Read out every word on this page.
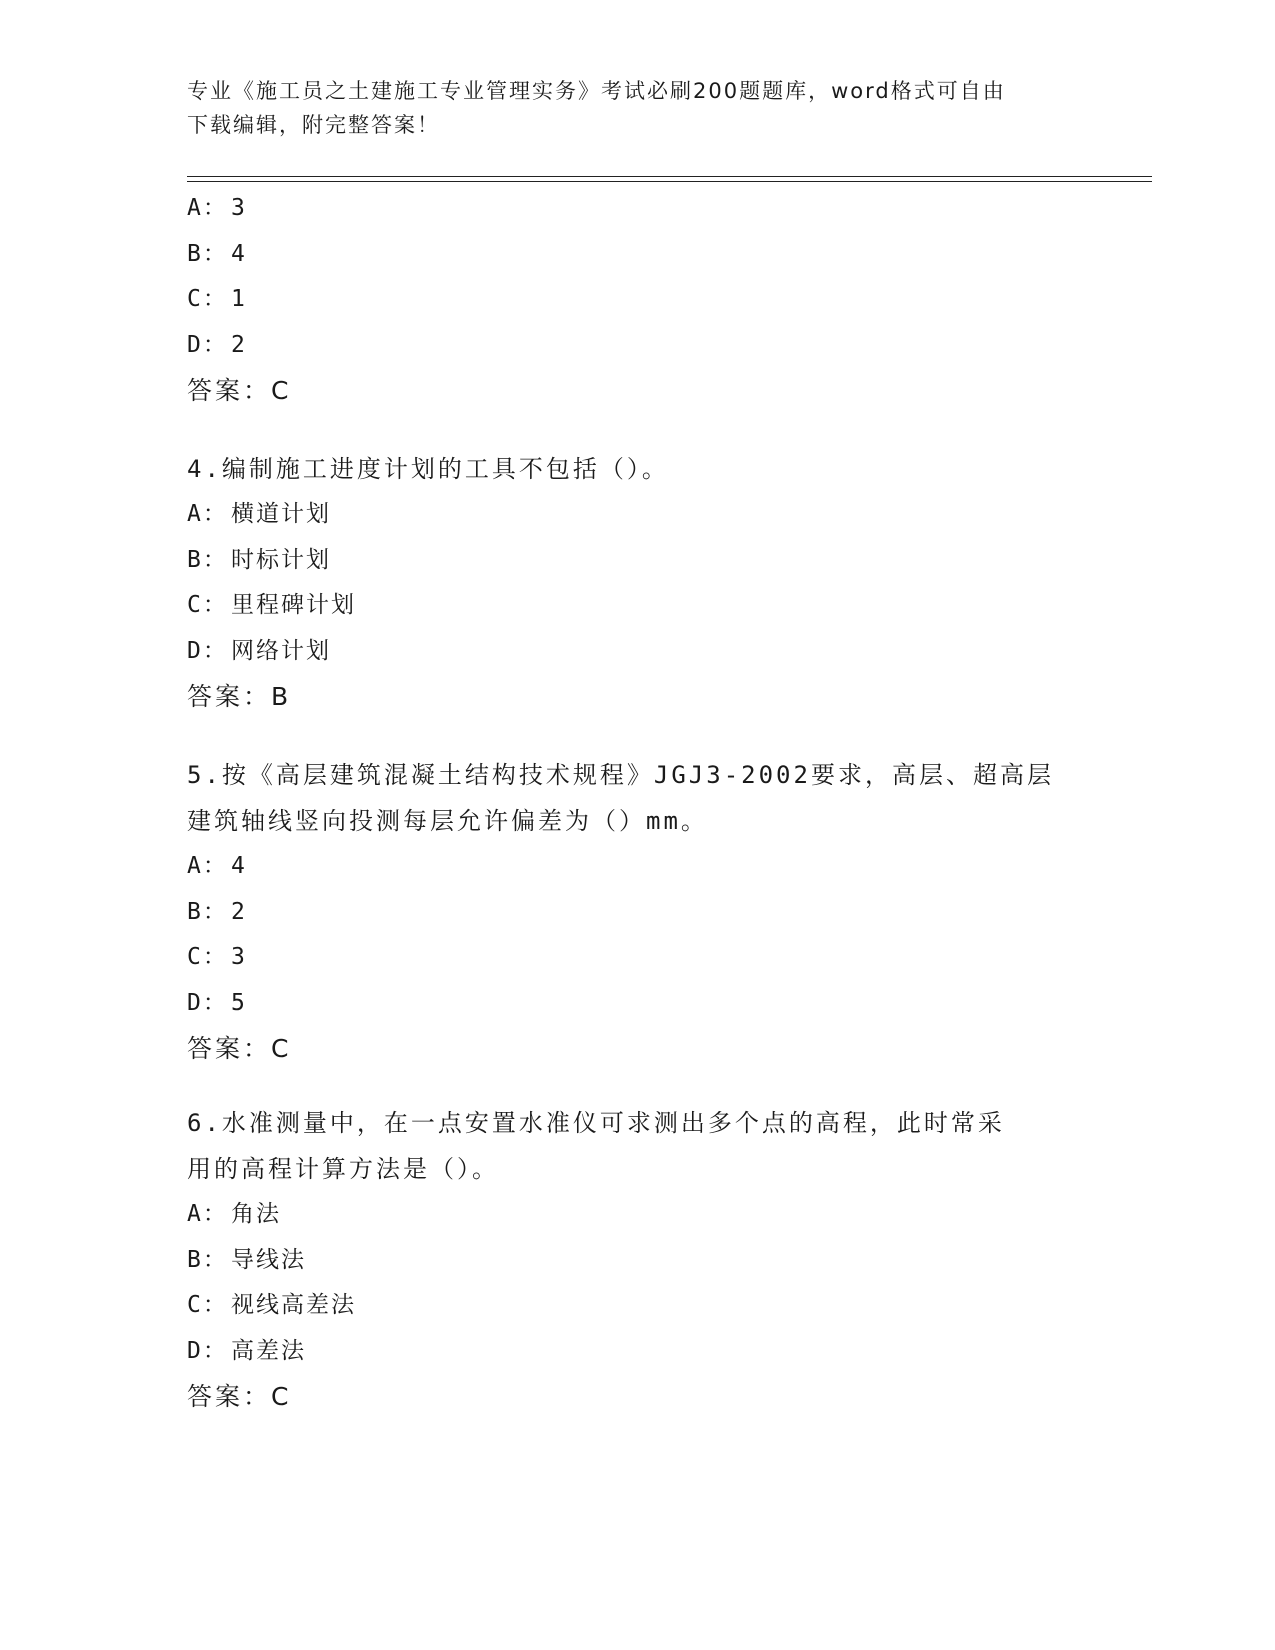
专业《施工员之土建施工专业管理实务》考试必刷200题题库，word格式可自由
下载编辑，附完整答案！
A： 3
B： 4
C： 1
D： 2
答案：C
4.编制施工进度计划的工具不包括（）。
A： 横道计划
B： 时标计划
C： 里程碑计划
D： 网络计划
答案：B
5.按《高层建筑混凝土结构技术规程》JGJ3-2002要求，高层、超高层
建筑轴线竖向投测每层允许偏差为（）mm。
A： 4
B： 2
C： 3
D： 5
答案：C
6.水准测量中，在一点安置水准仪可求测出多个点的高程，此时常采
用的高程计算方法是（）。
A： 角法
B： 导线法
C： 视线高差法
D： 高差法
答案：C
